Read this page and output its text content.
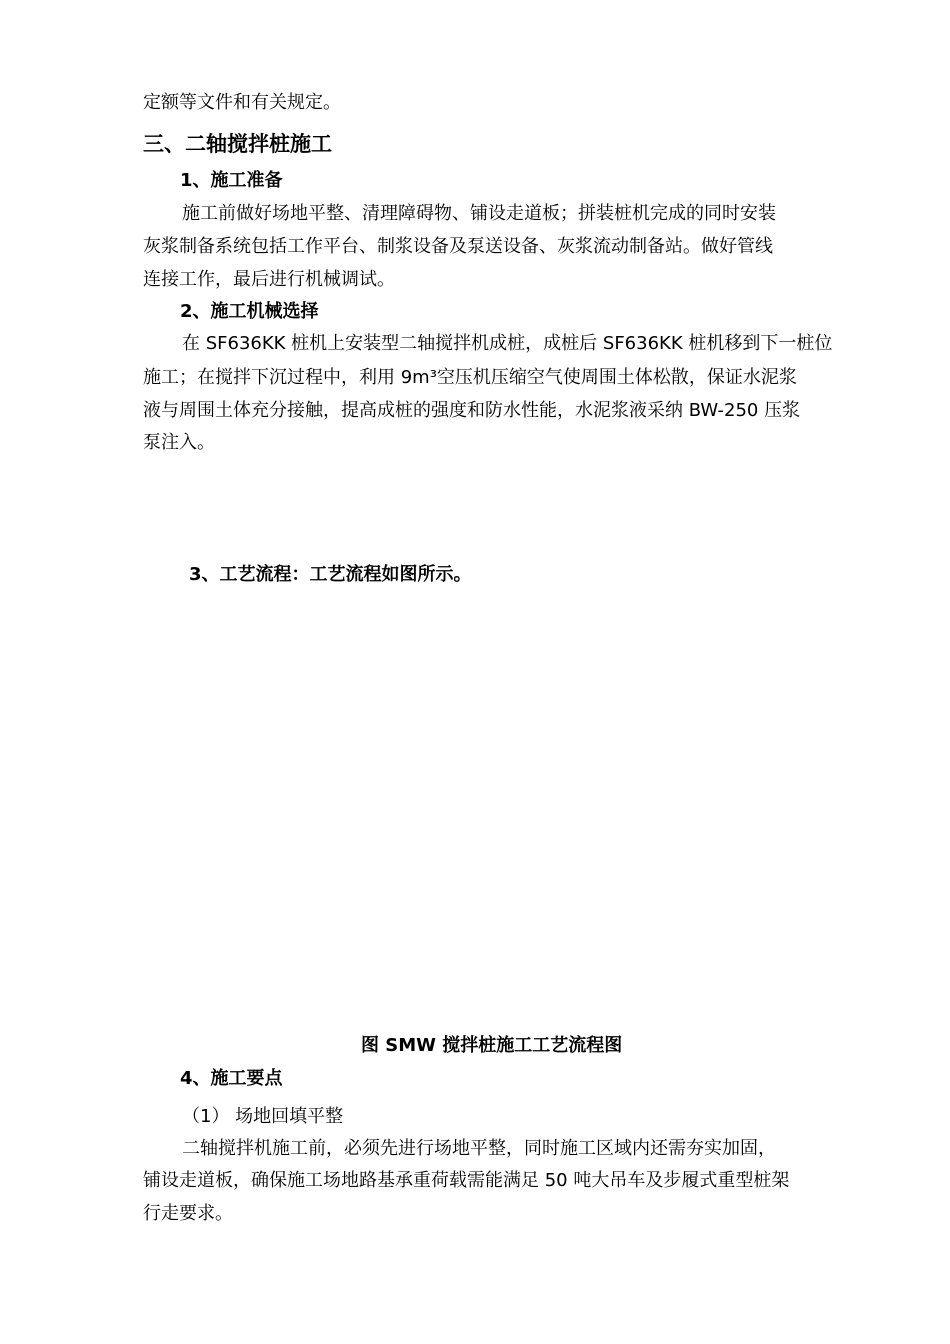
定额等文件和有关规定。
三、二轴搅拌桩施工
1、施工准备
施工前做好场地平整、清理障碍物、铺设走道板；拼装桩机完成的同时安装
灰浆制备系统包括工作平台、制浆设备及泵送设备、灰浆流动制备站。做好管线
连接工作，最后进行机械调试。
2、施工机械选择
在 SF636KK 桩机上安装型二轴搅拌机成桩，成桩后 SF636KK 桩机移到下一桩位
施工；在搅拌下沉过程中，利用 9m³空压机压缩空气使周围土体松散，保证水泥浆
液与周围土体充分接触，提高成桩的强度和防水性能，水泥浆液采纳 BW-250 压浆
泵注入。
3、工艺流程：工艺流程如图所示。
图 SMW 搅拌桩施工工艺流程图
4、施工要点
（1） 场地回填平整
二轴搅拌机施工前，必须先进行场地平整，同时施工区域内还需夯实加固，
铺设走道板，确保施工场地路基承重荷载需能满足 50 吨大吊车及步履式重型桩架
行走要求。
